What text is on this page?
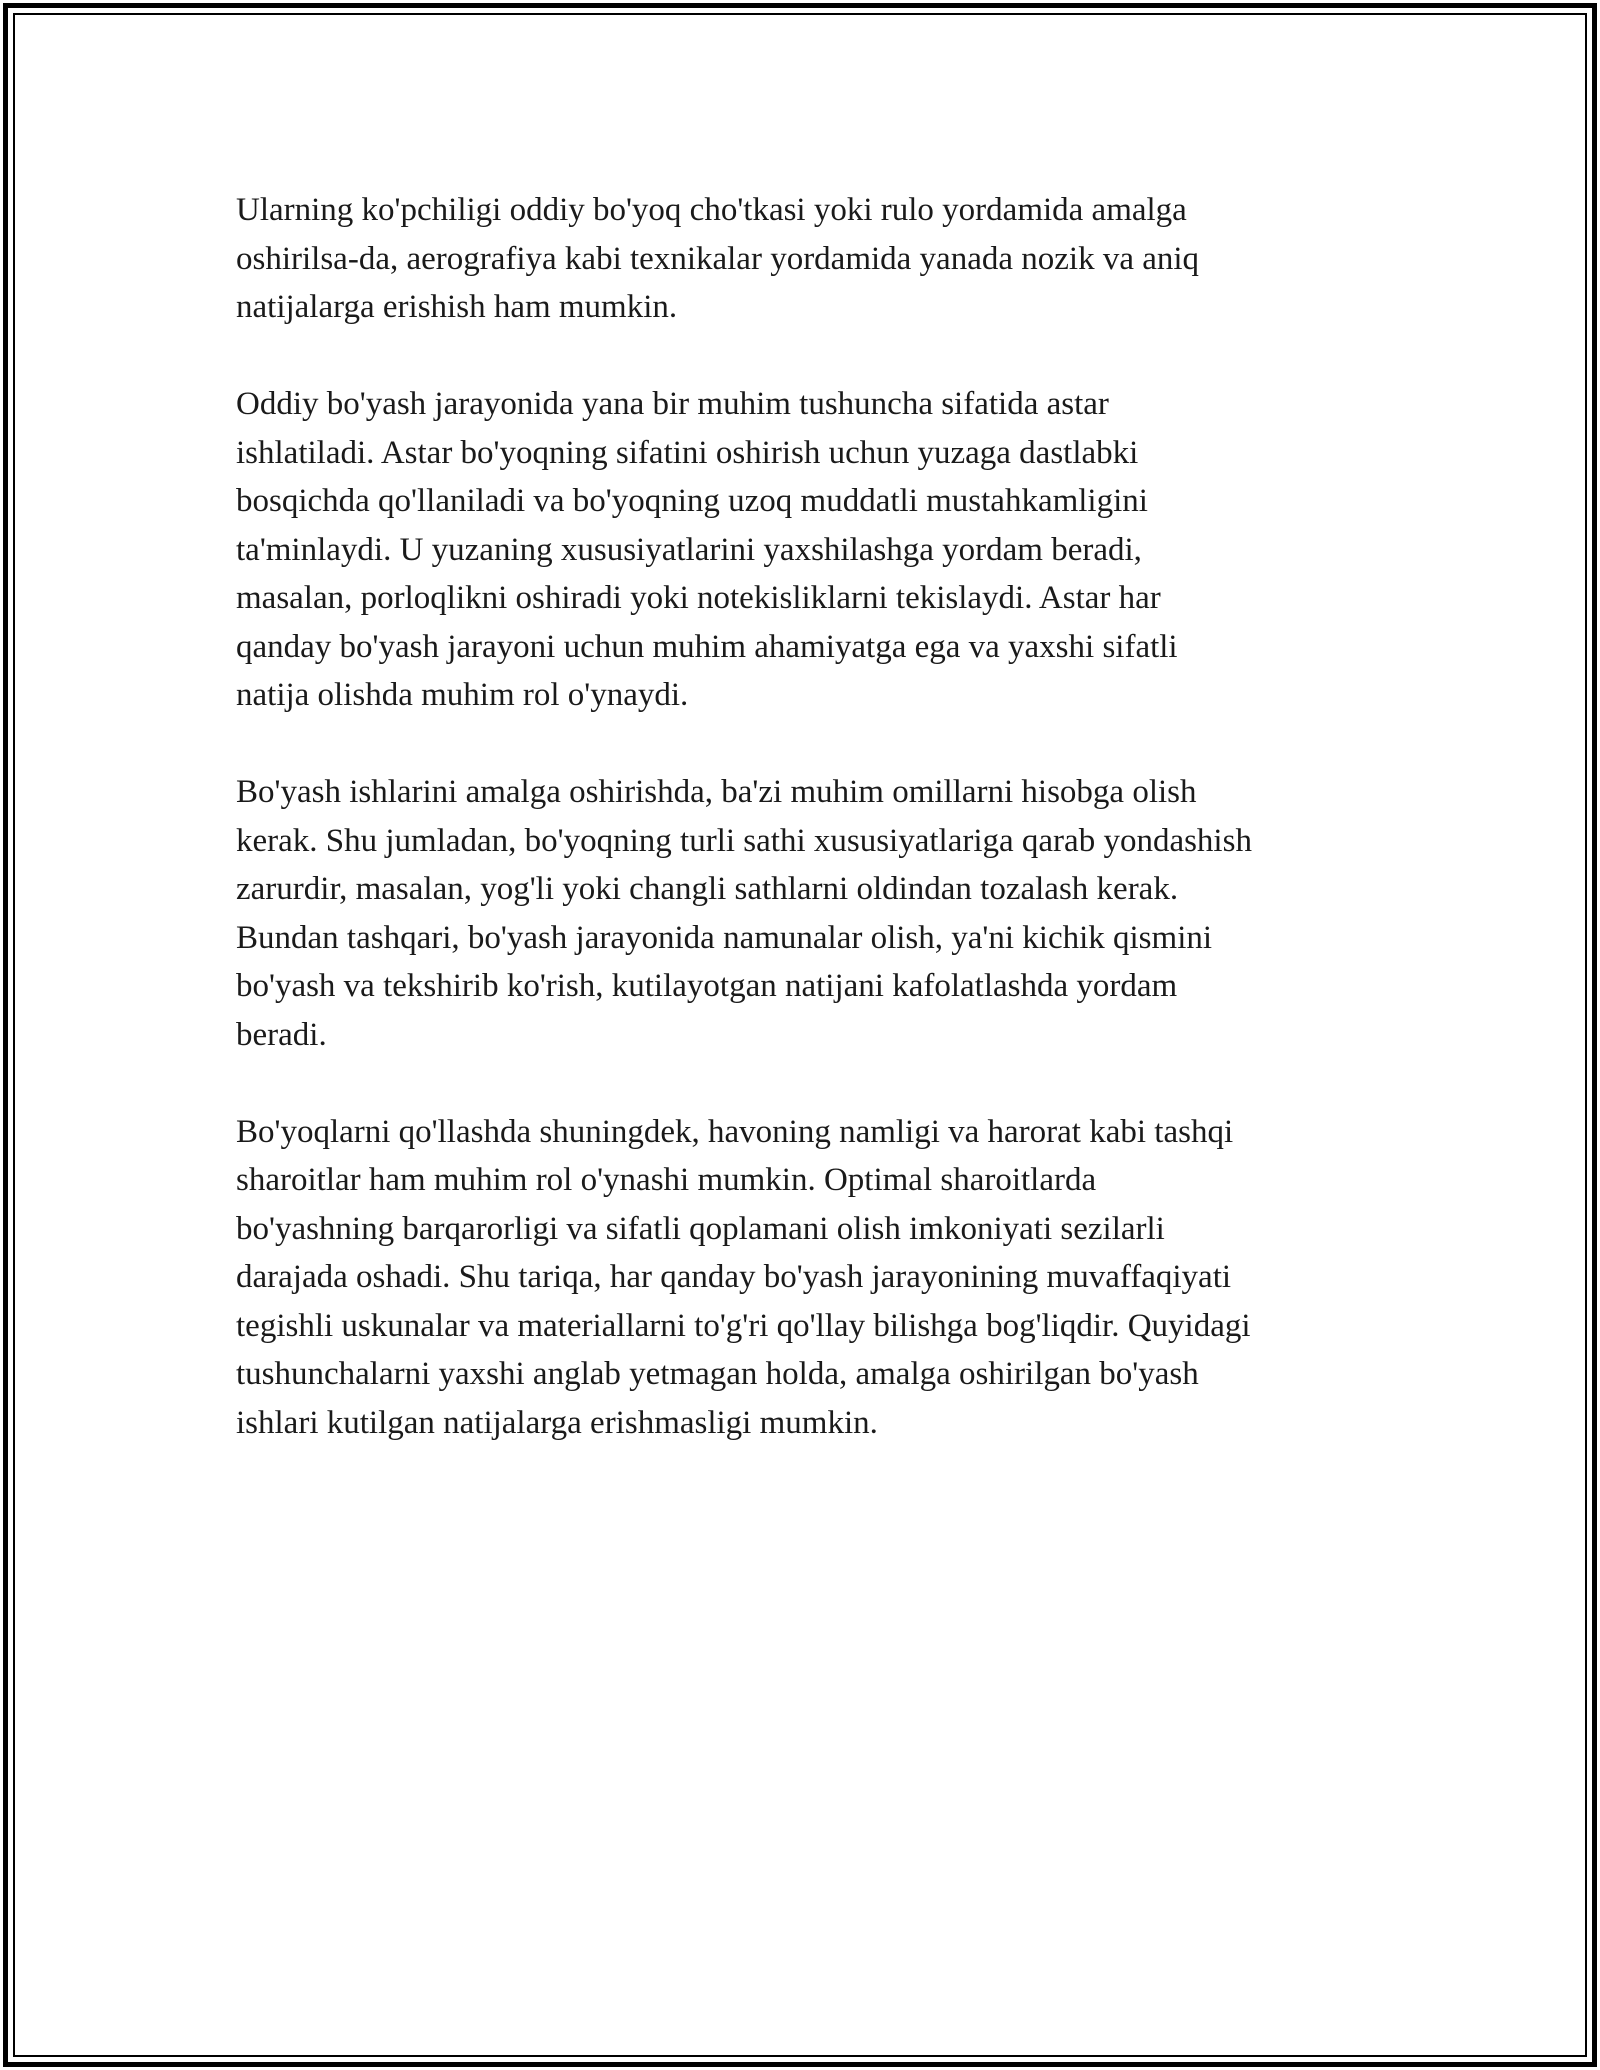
Ularning ko'pchiligi oddiy bo'yoq cho'tkasi yoki rulo yordamida amalga
oshirilsa-da, aerografiya kabi texnikalar yordamida yanada nozik va aniq
natijalarga erishish ham mumkin.

Oddiy bo'yash jarayonida yana bir muhim tushuncha sifatida astar
ishlatiladi. Astar bo'yoqning sifatini oshirish uchun yuzaga dastlabki
bosqichda qo'llaniladi va bo'yoqning uzoq muddatli mustahkamligini
ta'minlaydi. U yuzaning xususiyatlarini yaxshilashga yordam beradi,
masalan, porloqlikni oshiradi yoki notekisliklarni tekislaydi. Astar har
qanday bo'yash jarayoni uchun muhim ahamiyatga ega va yaxshi sifatli
natija olishda muhim rol o'ynaydi.

Bo'yash ishlarini amalga oshirishda, ba'zi muhim omillarni hisobga olish
kerak. Shu jumladan, bo'yoqning turli sathi xususiyatlariga qarab yondashish
zarurdir, masalan, yog'li yoki changli sathlarni oldindan tozalash kerak.
Bundan tashqari, bo'yash jarayonida namunalar olish, ya'ni kichik qismini
bo'yash va tekshirib ko'rish, kutilayotgan natijani kafolatlashda yordam
beradi.

Bo'yoqlarni qo'llashda shuningdek, havoning namligi va harorat kabi tashqi
sharoitlar ham muhim rol o'ynashi mumkin. Optimal sharoitlarda
bo'yashning barqarorligi va sifatli qoplamani olish imkoniyati sezilarli
darajada oshadi. Shu tariqa, har qanday bo'yash jarayonining muvaffaqiyati
tegishli uskunalar va materiallarni to'g'ri qo'llay bilishga bog'liqdir. Quyidagi
tushunchalarni yaxshi anglab yetmagan holda, amalga oshirilgan bo'yash
ishlari kutilgan natijalarga erishmasligi mumkin.
